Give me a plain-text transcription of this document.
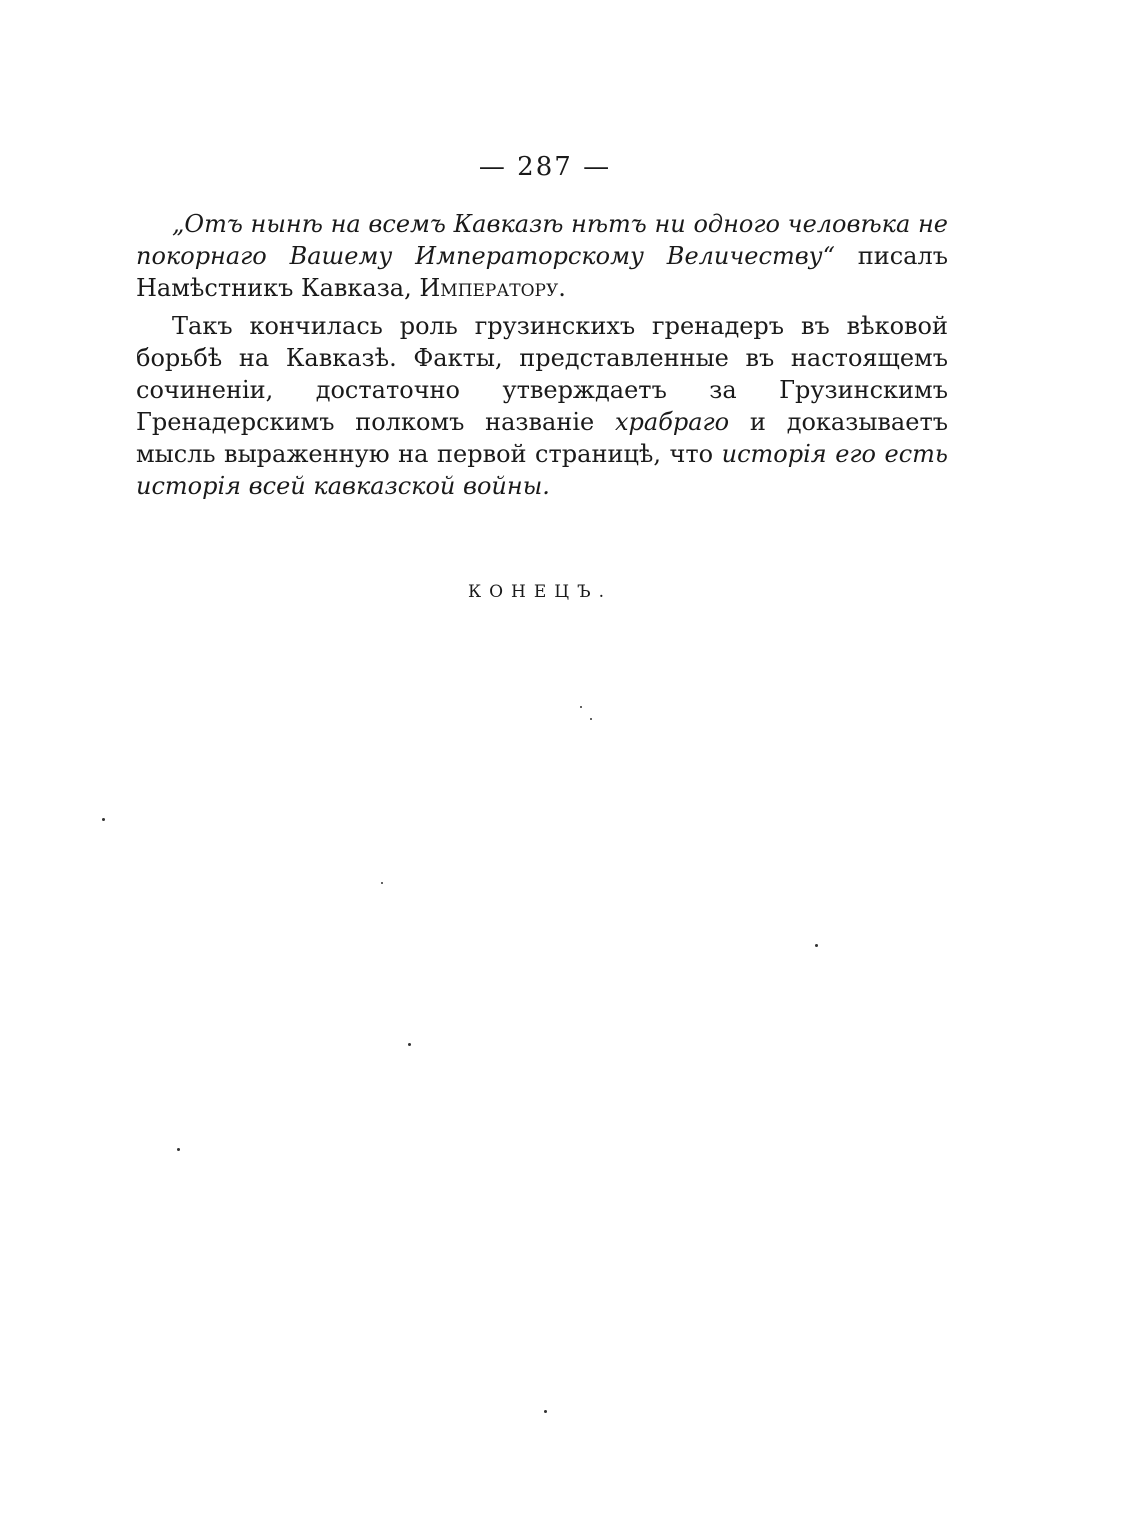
— 287 —

„Отъ нынѣ на всемъ Кавказѣ нѣтъ ни одного человѣка не покорнаго Вашему Императорскому Величеству“ писалъ Намѣстникъ Кавказа, Императору.

Такъ кончилась роль грузинскихъ гренадеръ въ вѣковой борьбѣ на Кавказѣ. Факты, представленные въ настоящемъ сочиненіи, достаточно утверждаетъ за Грузинскимъ Гренадерскимъ полкомъ названіе храбраго и доказываетъ мысль выраженную на первой страницѣ, что исторія его есть исторія всей кавказской войны.

КОНЕЦЪ.
